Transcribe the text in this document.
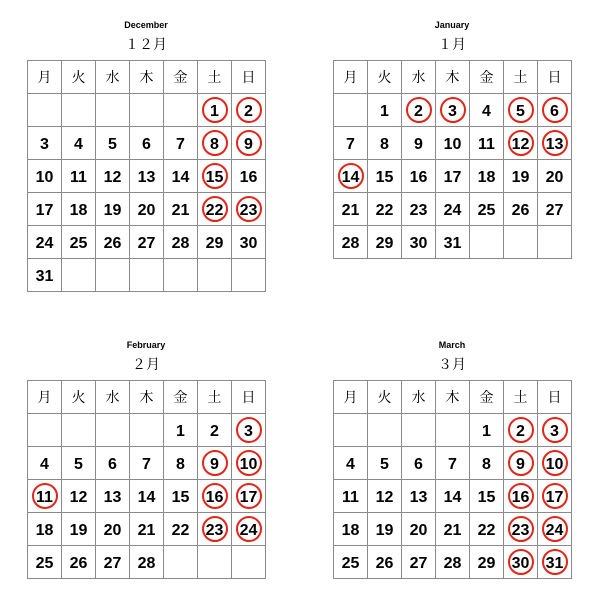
December
１２月
月	火	水	木	金	土	日
					1	2
3	4	5	6	7	8	9
10	11	12	13	14	15	16
17	18	19	20	21	22	23
24	25	26	27	28	29	30
31						
January
１月
月	火	水	木	金	土	日
	1	2	3	4	5	6
7	8	9	10	11	12	13
14	15	16	17	18	19	20
21	22	23	24	25	26	27
28	29	30	31			
February
２月
月	火	水	木	金	土	日
				1	2	3
4	5	6	7	8	9	10
11	12	13	14	15	16	17
18	19	20	21	22	23	24
25	26	27	28			
March
３月
月	火	水	木	金	土	日
				1	2	3
4	5	6	7	8	9	10
11	12	13	14	15	16	17
18	19	20	21	22	23	24
25	26	27	28	29	30	31
